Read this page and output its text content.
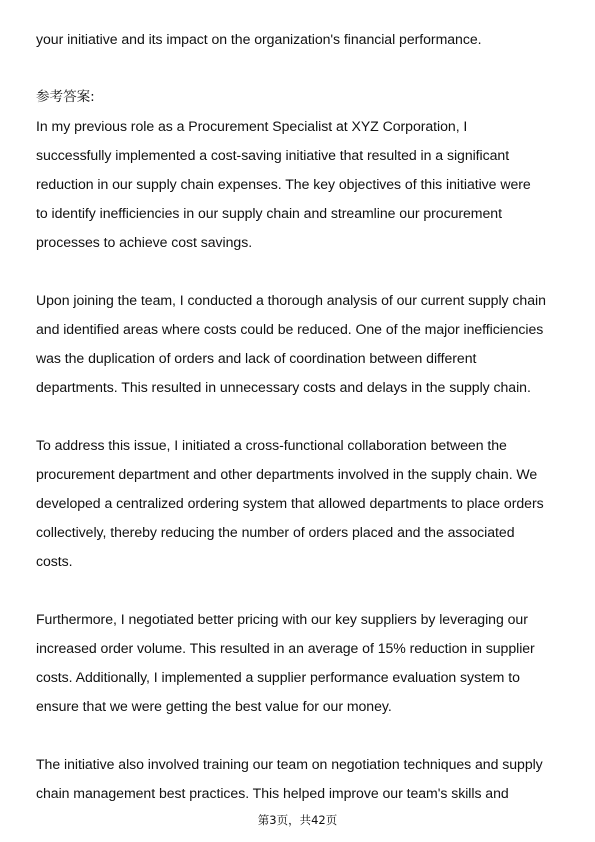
your initiative and its impact on the organization's financial performance.
参考答案:
In my previous role as a Procurement Specialist at XYZ Corporation, I
successfully implemented a cost-saving initiative that resulted in a significant
reduction in our supply chain expenses. The key objectives of this initiative were
to identify inefficiencies in our supply chain and streamline our procurement
processes to achieve cost savings.
Upon joining the team, I conducted a thorough analysis of our current supply chain
and identified areas where costs could be reduced. One of the major inefficiencies
was the duplication of orders and lack of coordination between different
departments. This resulted in unnecessary costs and delays in the supply chain.
To address this issue, I initiated a cross-functional collaboration between the
procurement department and other departments involved in the supply chain. We
developed a centralized ordering system that allowed departments to place orders
collectively, thereby reducing the number of orders placed and the associated
costs.
Furthermore, I negotiated better pricing with our key suppliers by leveraging our
increased order volume. This resulted in an average of 15% reduction in supplier
costs. Additionally, I implemented a supplier performance evaluation system to
ensure that we were getting the best value for our money.
The initiative also involved training our team on negotiation techniques and supply
chain management best practices. This helped improve our team's skills and
第3页，共42页
